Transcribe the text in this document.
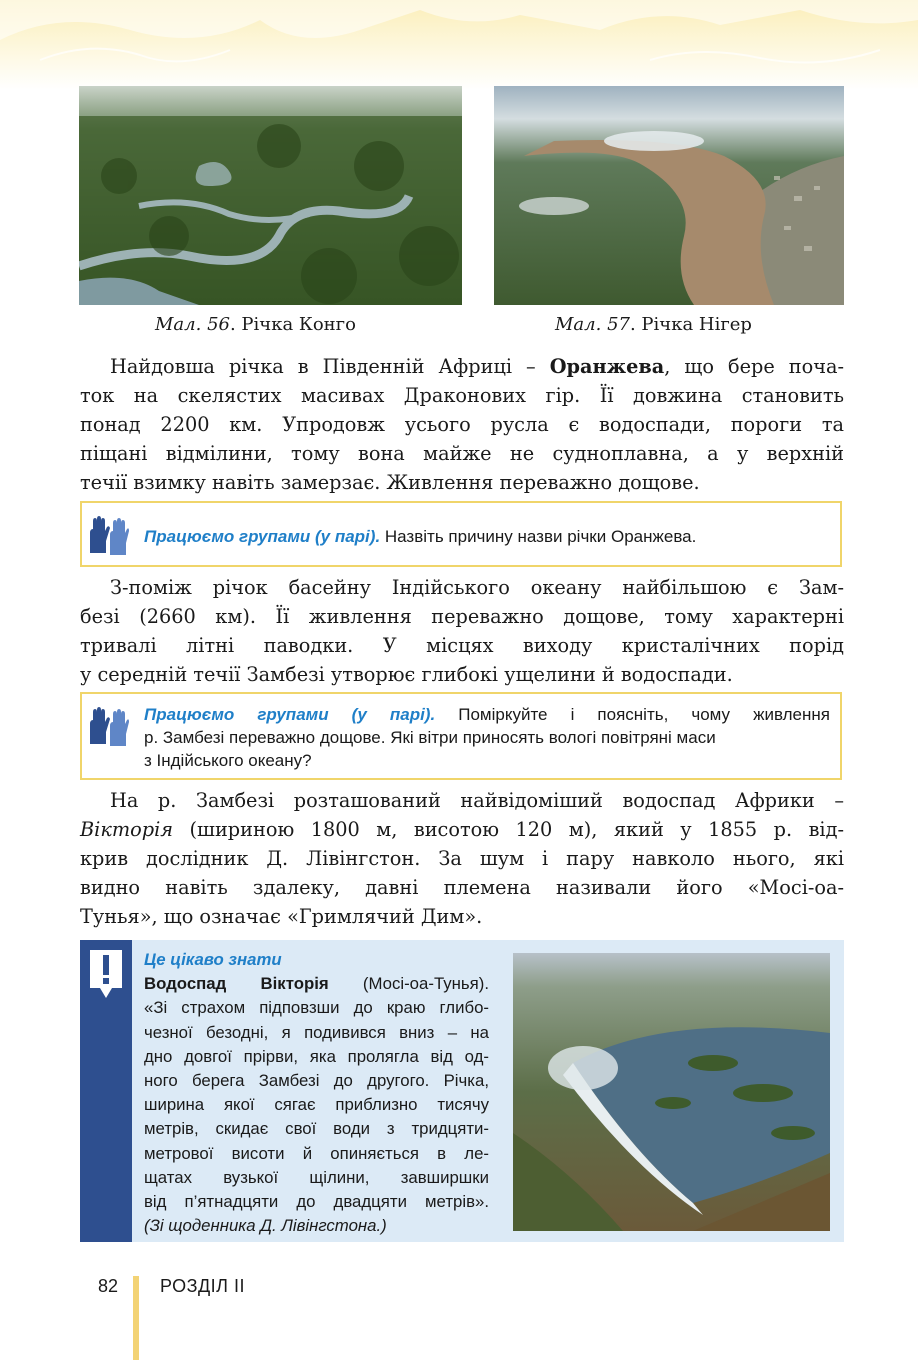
Мал. 56. Річка Конго	Мал. 57. Річка Нігер
Найдовша річка в Південній Африці – Оранжева, що бере поча-
ток на скелястих масивах Драконових гір. Її довжина становить
понад 2200 км. Упродовж усього русла є водоспади, пороги та
піщані відмілини, тому вона майже не судноплавна, а у верхній
течії взимку навіть замерзає. Живлення переважно дощове.
Працюємо групами (у парі). Назвіть причину назви річки Оранжева.
З-поміж річок басейну Індійського океану найбільшою є Зам-
безі (2660 км). Її живлення переважно дощове, тому характерні
тривалі літні паводки. У місцях виходу кристалічних порід
у середній течії Замбезі утворює глибокі ущелини й водоспади.
Працюємо групами (у парі). Поміркуйте і поясніть, чому живлення
р. Замбезі переважно дощове. Які вітри приносять вологі повітряні маси
з Індійського океану?
На р. Замбезі розташований найвідоміший водоспад Африки –
Вікторія (шириною 1800 м, висотою 120 м), який у 1855 р. від-
крив дослідник Д. Лівінгстон. За шум і пару навколо нього, які
видно навіть здалеку, давні племена називали його «Мосі-оа-
Тунья», що означає «Гримлячий Дим».
Це цікаво знати
Водоспад Вікторія (Мосі-оа-Тунья).
«Зі страхом підповзши до краю глибо-
чезної безодні, я подивився вниз – на
дно довгої прірви, яка пролягла від од-
ного берега Замбезі до другого. Річка,
ширина якої сягає приблизно тисячу
метрів, скидає свої води з тридцяти-
метрової висоти й опиняється в ле-
щатах вузької щілини, завширшки
від п’ятнадцяти до двадцяти метрів».
(Зі щоденника Д. Лівінгстона.)
82 РОЗДІЛ II
